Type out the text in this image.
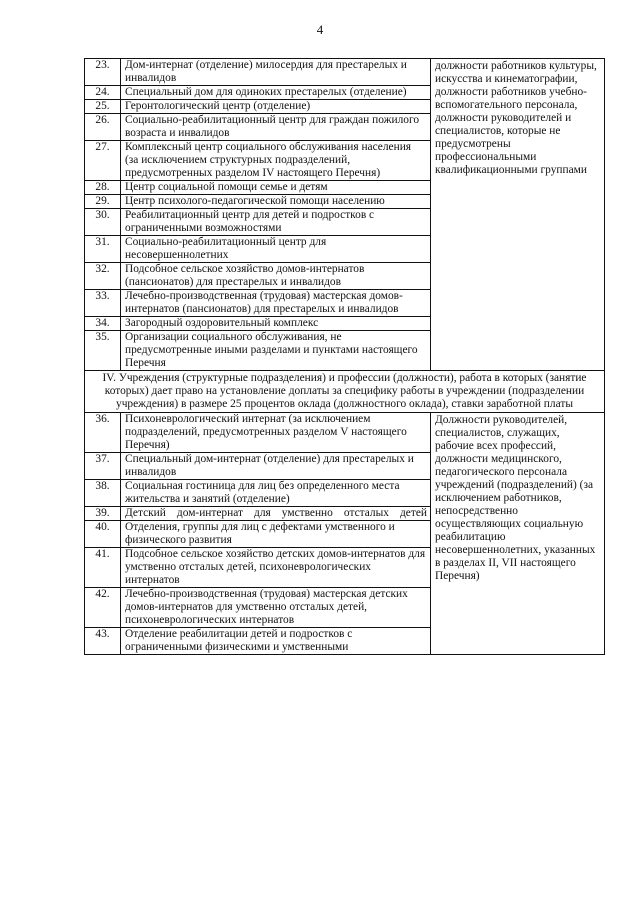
4
23.	Дом-интернат (отделение) милосердия для престарелых и инвалидов	должности работников культуры, искусства и кинематографии, должности работников учебно-вспомогательного персонала, должности руководителей и специалистов, которые не предусмотрены профессиональными квалификационными группами
24.	Специальный дом для одиноких престарелых (отделение)	
25.	Геронтологический центр (отделение)	
26.	Социально-реабилитационный центр для граждан пожилого возраста и инвалидов	
27.	Комплексный центр социального обслуживания населения (за исключением структурных подразделений, предусмотренных разделом IV настоящего Перечня)	
28.	Центр социальной помощи семье и детям	
29.	Центр психолого-педагогической помощи населению	
30.	Реабилитационный центр для детей и подростков с ограниченными возможностями	
31.	Социально-реабилитационный центр для несовершеннолетних	
32.	Подсобное сельское хозяйство домов-интернатов (пансионатов) для престарелых и инвалидов	
33.	Лечебно-производственная (трудовая) мастерская домов-интернатов (пансионатов) для престарелых и инвалидов	
34.	Загородный оздоровительный комплекс	
35.	Организации социального обслуживания, не предусмотренные иными разделами и пунктами настоящего Перечня	
IV. Учреждения (структурные подразделения) и профессии (должности), работа в которых (занятие которых) дает право на установление доплаты за специфику работы в учреждении (подразделении учреждения) в размере 25 процентов оклада (должностного оклада), ставки заработной платы		
36.	Психоневрологический интернат (за исключением подразделений, предусмотренных разделом V настоящего Перечня)	Должности руководителей, специалистов, служащих, рабочие всех профессий, должности медицинского, педагогического персонала учреждений (подразделений) (за исключением работников, непосредственно осуществляющих социальную реабилитацию несовершеннолетних, указанных в разделах II, VII настоящего Перечня)
37.	Специальный дом-интернат (отделение) для престарелых и инвалидов	
38.	Социальная гостиница для лиц без определенного места жительства и занятий (отделение)	
39.	Детский дом-интернат для умственно отсталых детей	
40.	Отделения, группы для лиц с дефектами умственного и физического развития	
41.	Подсобное сельское хозяйство детских домов-интернатов для умственно отсталых детей, психоневрологических интернатов	
42.	Лечебно-производственная (трудовая) мастерская детских домов-интернатов для умственно отсталых детей, психоневрологических интернатов	
43.	Отделение реабилитации детей и подростков с ограниченными физическими и умственными	
